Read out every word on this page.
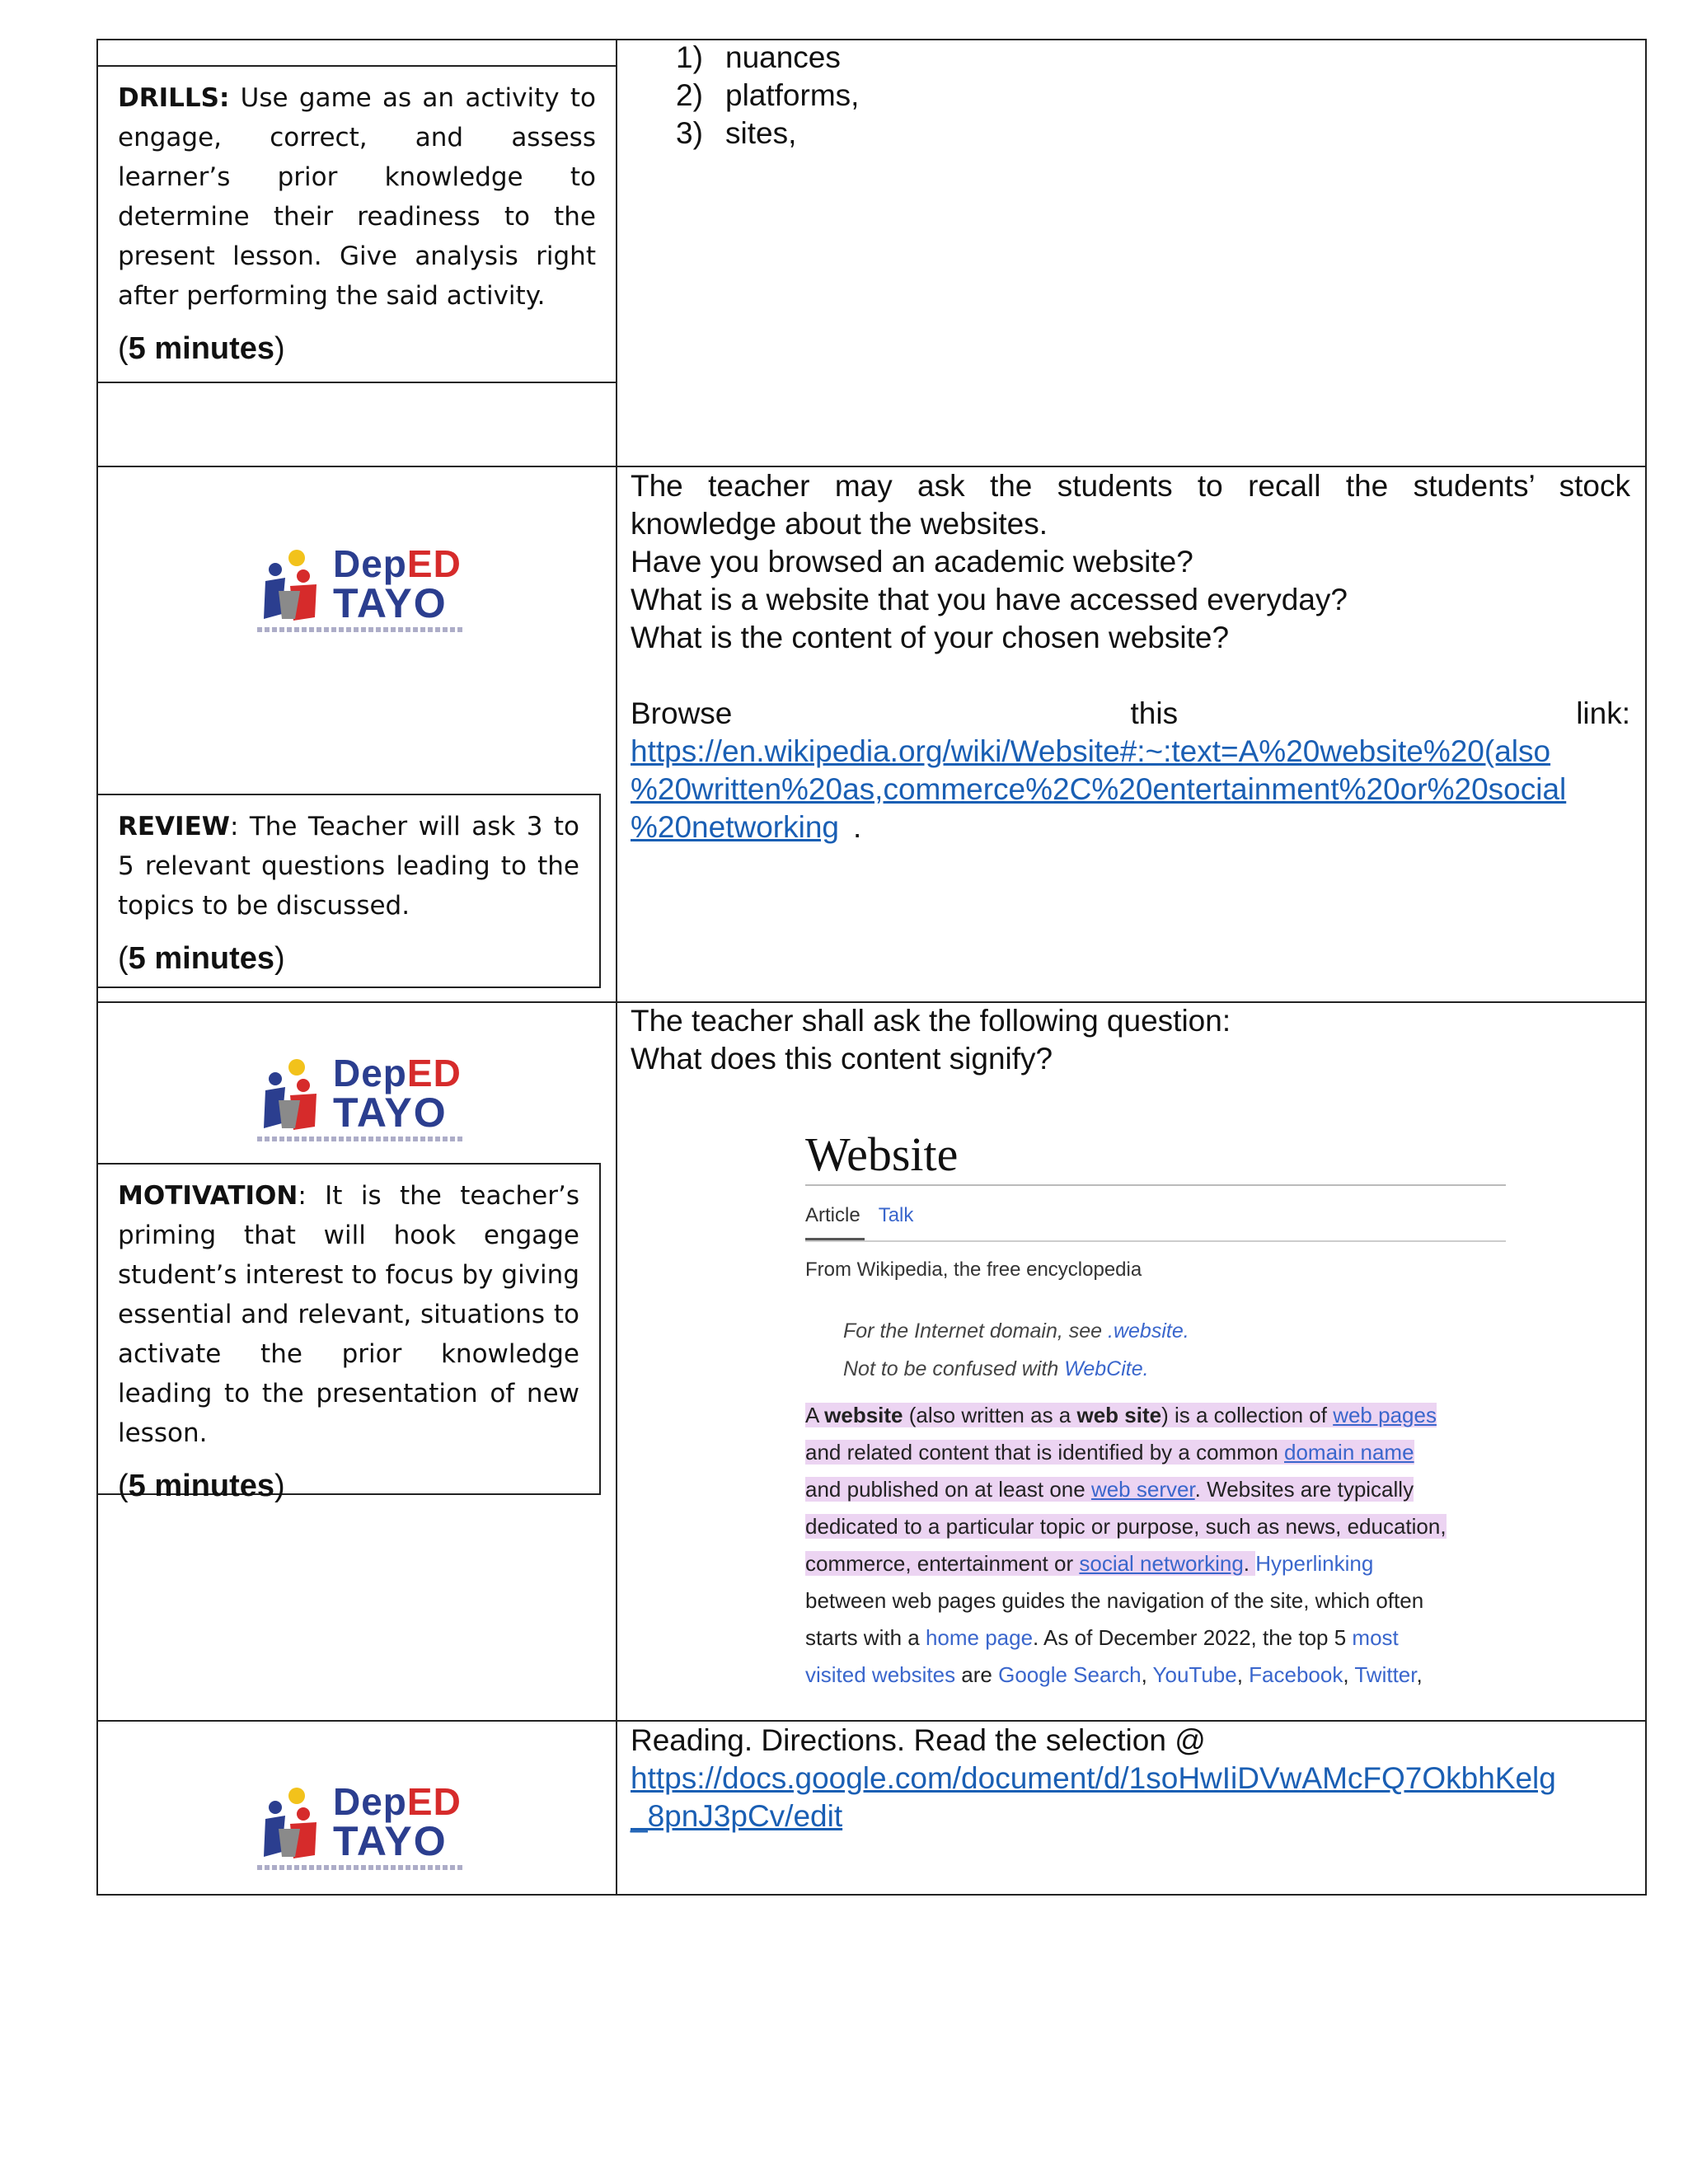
DRILLS: Use game as an activity to engage, correct, and assess learner’s prior knowledge to determine their readiness to the present lesson. Give analysis right after performing the said activity.

(5 minutes)
1) nuances
2) platforms,
3) sites,
DepED
TAYO

REVIEW: The Teacher will ask 3 to 5 relevant questions leading to the topics to be discussed.

(5 minutes)
The teacher may ask the students to recall the students’ stock
knowledge about the websites.
Have you browsed an academic website?
What is a website that you have accessed everyday?
What is the content of your chosen website?

Browse	this	link:
https://en.wikipedia.org/wiki/Website#:~:text=A%20website%20(also
%20written%20as,commerce%2C%20entertainment%20or%20social
%20networking .
DepED
TAYO

MOTIVATION: It is the teacher’s priming that will hook engage student’s interest to focus by giving essential and relevant, situations to activate the prior knowledge leading to the presentation of new lesson.

(5 minutes)
The teacher shall ask the following question:
What does this content signify?
Website
Article Talk
From Wikipedia, the free encyclopedia
For the Internet domain, see .website.
Not to be confused with WebCite.
A website (also written as a web site) is a collection of web pages
and related content that is identified by a common domain name
and published on at least one web server. Websites are typically
dedicated to a particular topic or purpose, such as news, education,
commerce, entertainment or social networking. Hyperlinking
between web pages guides the navigation of the site, which often
starts with a home page. As of December 2022, the top 5 most
visited websites are Google Search, YouTube, Facebook, Twitter,
DepED
TAYO
Reading. Directions. Read the selection @
https://docs.google.com/document/d/1soHwIiDVwAMcFQ7OkbhKelg
_8pnJ3pCv/edit
